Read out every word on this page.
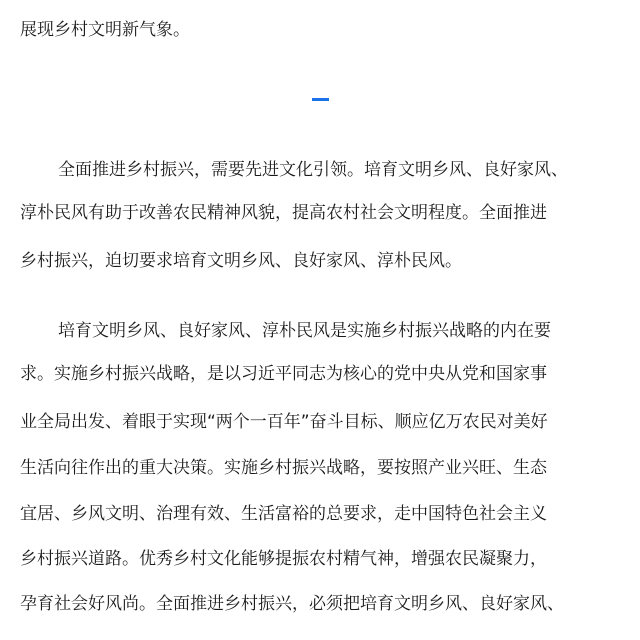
展现乡村文明新气象。
全面推进乡村振兴，需要先进文化引领。培育文明乡风、良好家风、
淳朴民风有助于改善农民精神风貌，提高农村社会文明程度。全面推进
乡村振兴，迫切要求培育文明乡风、良好家风、淳朴民风。
培育文明乡风、良好家风、淳朴民风是实施乡村振兴战略的内在要
求。实施乡村振兴战略，是以习近平同志为核心的党中央从党和国家事
业全局出发、着眼于实现“两个一百年”奋斗目标、顺应亿万农民对美好
生活向往作出的重大决策。实施乡村振兴战略，要按照产业兴旺、生态
宜居、乡风文明、治理有效、生活富裕的总要求，走中国特色社会主义
乡村振兴道路。优秀乡村文化能够提振农村精气神，增强农民凝聚力，
孕育社会好风尚。全面推进乡村振兴，必须把培育文明乡风、良好家风、
